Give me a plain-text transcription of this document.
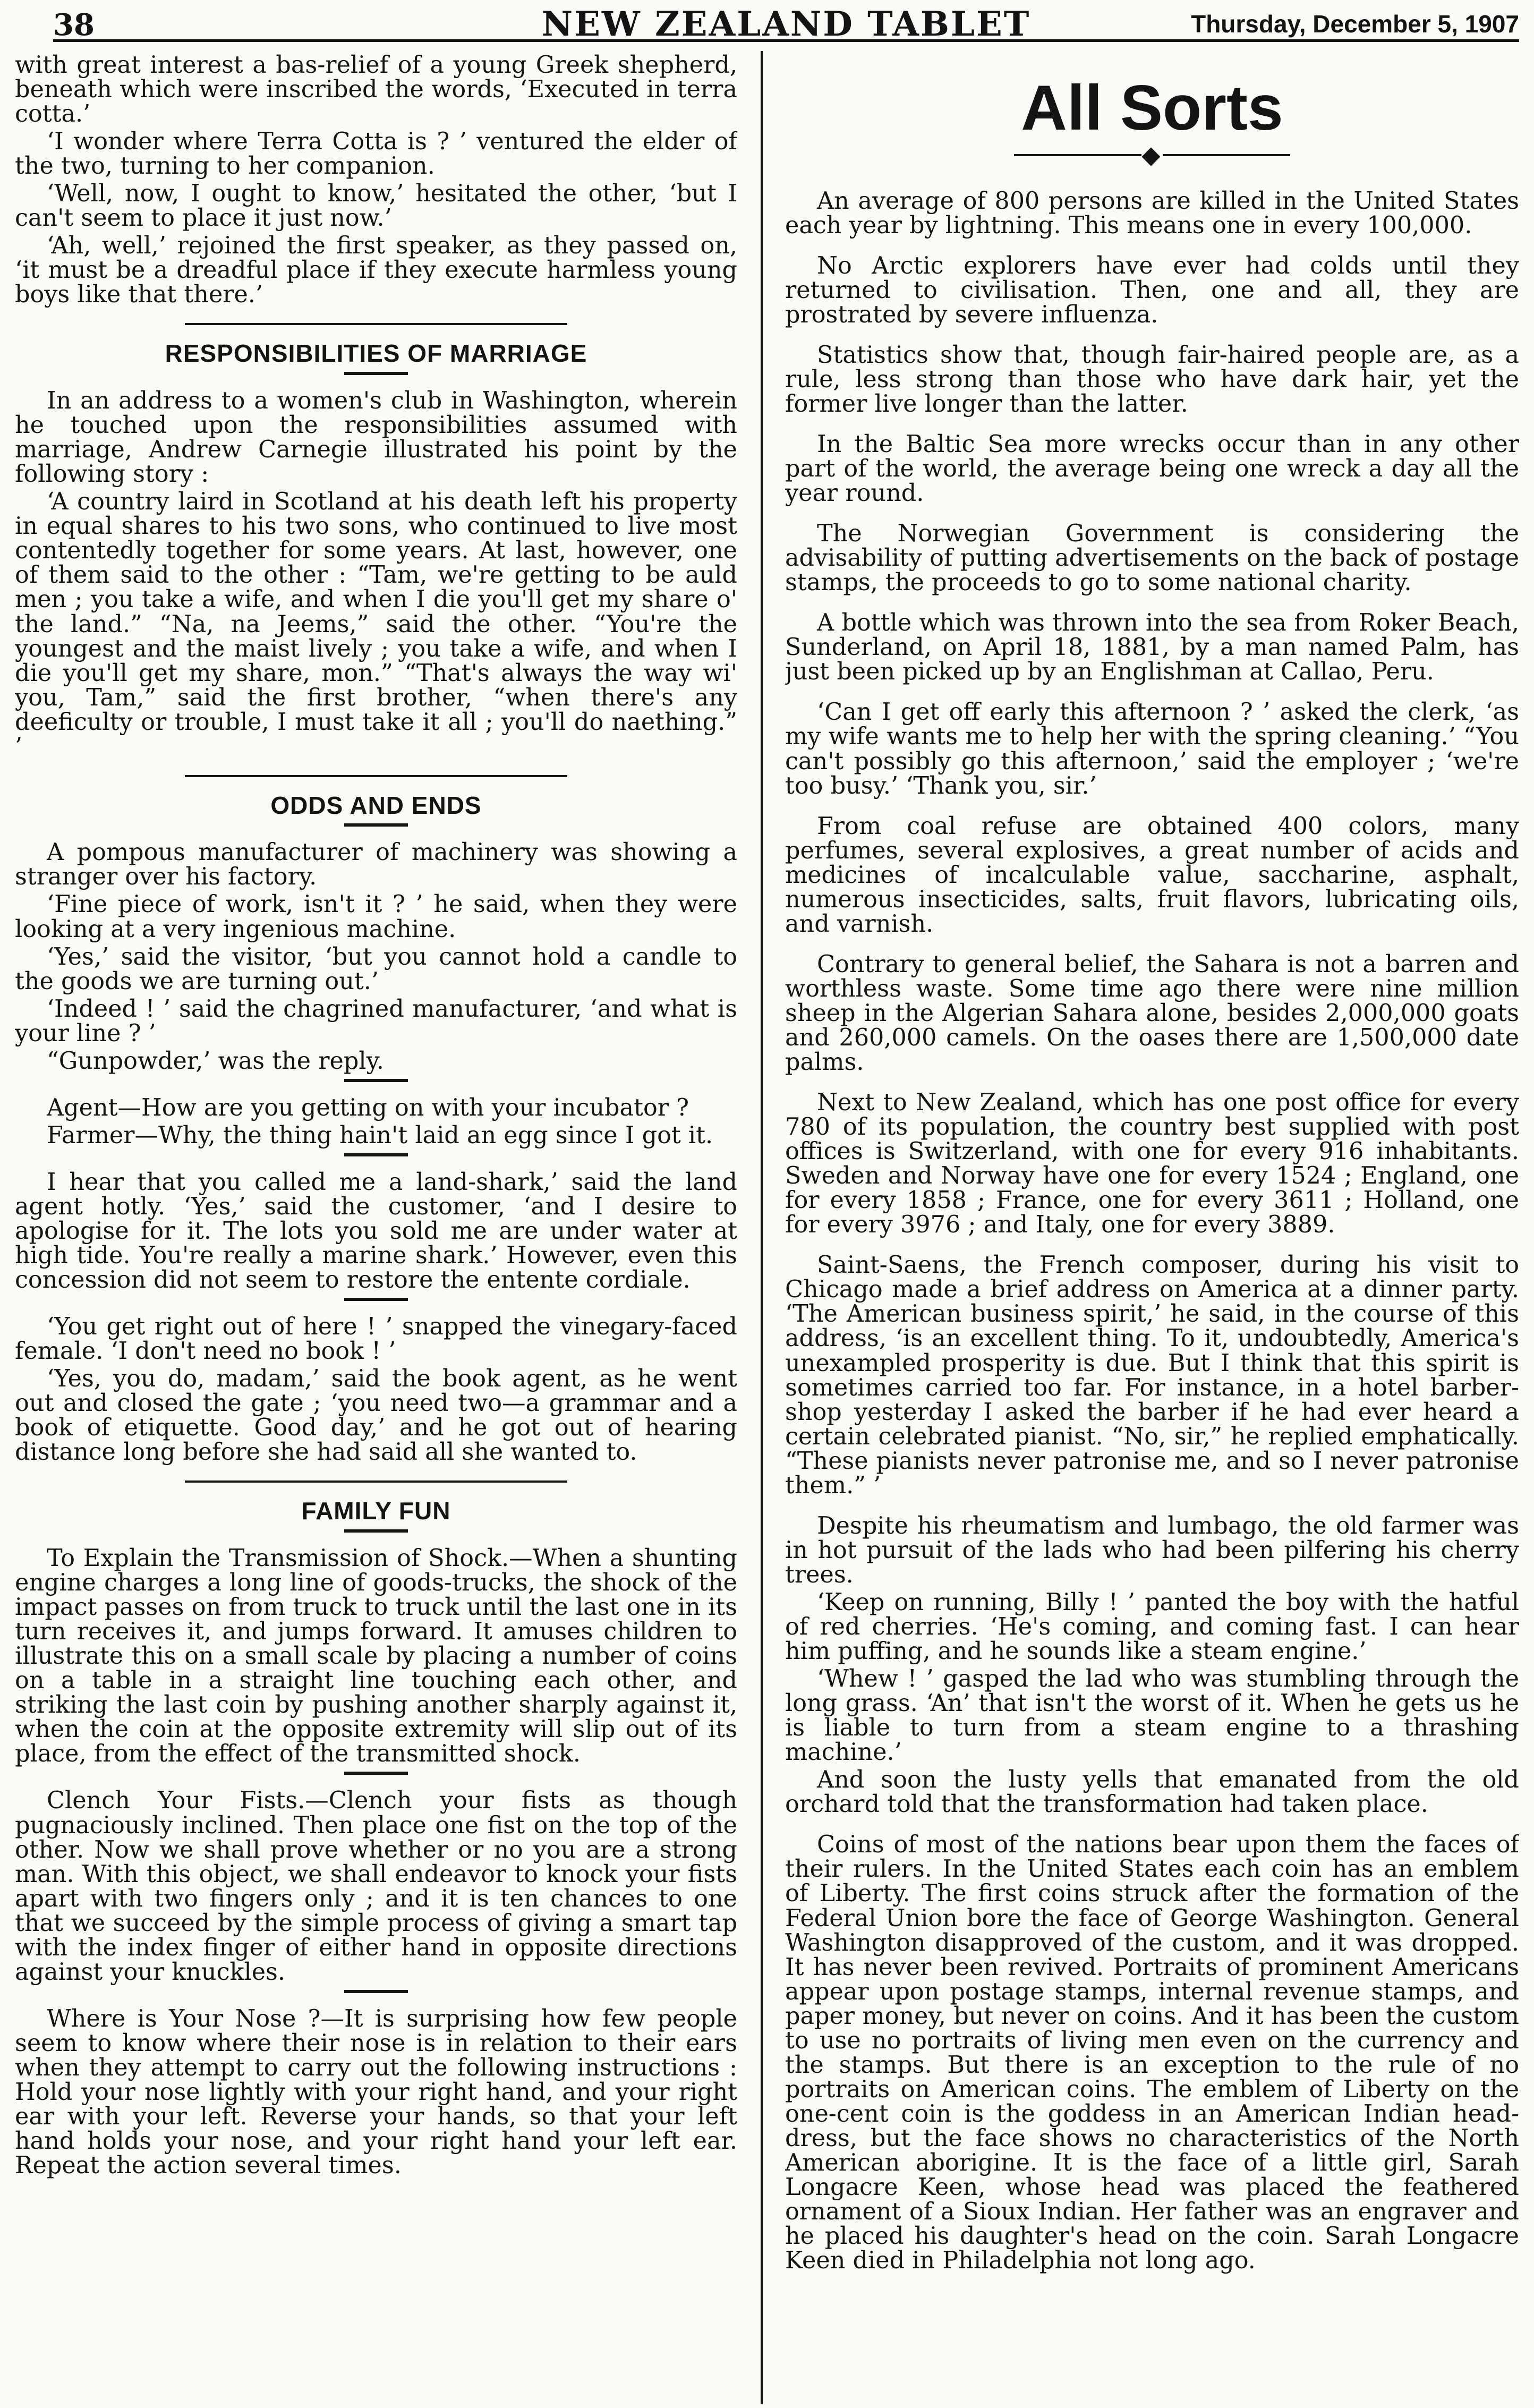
38	NEW ZEALAND TABLET	Thursday, December 5, 1907

with great interest a bas-relief of a young Greek shepherd, beneath which were inscribed the words, ‘Executed in terra cotta.’

‘I wonder where Terra Cotta is ? ’ ventured the elder of the two, turning to her companion.

‘Well, now, I ought to know,’ hesitated the other, ‘but I can't seem to place it just now.’

‘Ah, well,’ rejoined the first speaker, as they passed on, ‘it must be a dreadful place if they execute harmless young boys like that there.’

RESPONSIBILITIES OF MARRIAGE

In an address to a women's club in Washington, wherein he touched upon the responsibilities assumed with marriage, Andrew Carnegie illustrated his point by the following story :

‘A country laird in Scotland at his death left his property in equal shares to his two sons, who continued to live most contentedly together for some years. At last, however, one of them said to the other : “Tam, we're getting to be auld men ; you take a wife, and when I die you'll get my share o' the land.” “Na, na Jeems,” said the other. “You're the youngest and the maist lively ; you take a wife, and when I die you'll get my share, mon.” “That's always the way wi' you, Tam,” said the first brother, “when there's any deeficulty or trouble, I must take it all ; you'll do naething.” ’

ODDS AND ENDS

A pompous manufacturer of machinery was showing a stranger over his factory.

‘Fine piece of work, isn't it ? ’ he said, when they were looking at a very ingenious machine.

‘Yes,’ said the visitor, ‘but you cannot hold a candle to the goods we are turning out.’

‘Indeed ! ’ said the chagrined manufacturer, ‘and what is your line ? ’

“Gunpowder,’ was the reply.

Agent—How are you getting on with your incubator ?

Farmer—Why, the thing hain't laid an egg since I got it.

I hear that you called me a land-shark,’ said the land agent hotly. ‘Yes,’ said the customer, ‘and I desire to apologise for it. The lots you sold me are under water at high tide. You're really a marine shark.’ However, even this concession did not seem to restore the entente cordiale.

‘You get right out of here ! ’ snapped the vinegary-faced female. ‘I don't need no book ! ’

‘Yes, you do, madam,’ said the book agent, as he went out and closed the gate ; ‘you need two—a grammar and a book of etiquette. Good day,’ and he got out of hearing distance long before she had said all she wanted to.

FAMILY FUN

To Explain the Transmission of Shock.—When a shunting engine charges a long line of goods-trucks, the shock of the impact passes on from truck to truck until the last one in its turn receives it, and jumps forward. It amuses children to illustrate this on a small scale by placing a number of coins on a table in a straight line touching each other, and striking the last coin by pushing another sharply against it, when the coin at the opposite extremity will slip out of its place, from the effect of the transmitted shock.

Clench Your Fists.—Clench your fists as though pugnaciously inclined. Then place one fist on the top of the other. Now we shall prove whether or no you are a strong man. With this object, we shall endeavor to knock your fists apart with two fingers only ; and it is ten chances to one that we succeed by the simple process of giving a smart tap with the index finger of either hand in opposite directions against your knuckles.

Where is Your Nose ?—It is surprising how few people seem to know where their nose is in relation to their ears when they attempt to carry out the following instructions : Hold your nose lightly with your right hand, and your right ear with your left. Reverse your hands, so that your left hand holds your nose, and your right hand your left ear. Repeat the action several times.

All Sorts
◆

An average of 800 persons are killed in the United States each year by lightning. This means one in every 100,000.

No Arctic explorers have ever had colds until they returned to civilisation. Then, one and all, they are prostrated by severe influenza.

Statistics show that, though fair-haired people are, as a rule, less strong than those who have dark hair, yet the former live longer than the latter.

In the Baltic Sea more wrecks occur than in any other part of the world, the average being one wreck a day all the year round.

The Norwegian Government is considering the advisability of putting advertisements on the back of postage stamps, the proceeds to go to some national charity.

A bottle which was thrown into the sea from Roker Beach, Sunderland, on April 18, 1881, by a man named Palm, has just been picked up by an Englishman at Callao, Peru.

‘Can I get off early this afternoon ? ’ asked the clerk, ‘as my wife wants me to help her with the spring cleaning.’ “You can't possibly go this afternoon,’ said the employer ; ‘we're too busy.’ ‘Thank you, sir.’

From coal refuse are obtained 400 colors, many perfumes, several explosives, a great number of acids and medicines of incalculable value, saccharine, asphalt, numerous insecticides, salts, fruit flavors, lubricating oils, and varnish.

Contrary to general belief, the Sahara is not a barren and worthless waste. Some time ago there were nine million sheep in the Algerian Sahara alone, besides 2,000,000 goats and 260,000 camels. On the oases there are 1,500,000 date palms.

Next to New Zealand, which has one post office for every 780 of its population, the country best supplied with post offices is Switzerland, with one for every 916 inhabitants. Sweden and Norway have one for every 1524 ; England, one for every 1858 ; France, one for every 3611 ; Holland, one for every 3976 ; and Italy, one for every 3889.

Saint-Saens, the French composer, during his visit to Chicago made a brief address on America at a dinner party. ‘The American business spirit,’ he said, in the course of this address, ‘is an excellent thing. To it, undoubtedly, America's unexampled prosperity is due. But I think that this spirit is sometimes carried too far. For instance, in a hotel barber-shop yesterday I asked the barber if he had ever heard a certain celebrated pianist. “No, sir,” he replied emphatically. “These pianists never patronise me, and so I never patronise them.” ’

Despite his rheumatism and lumbago, the old farmer was in hot pursuit of the lads who had been pilfering his cherry trees.

‘Keep on running, Billy ! ’ panted the boy with the hatful of red cherries. ‘He's coming, and coming fast. I can hear him puffing, and he sounds like a steam engine.’

‘Whew ! ’ gasped the lad who was stumbling through the long grass. ‘An’ that isn't the worst of it. When he gets us he is liable to turn from a steam engine to a thrashing machine.’

And soon the lusty yells that emanated from the old orchard told that the transformation had taken place.

Coins of most of the nations bear upon them the faces of their rulers. In the United States each coin has an emblem of Liberty. The first coins struck after the formation of the Federal Union bore the face of George Washington. General Washington disapproved of the custom, and it was dropped. It has never been revived. Portraits of prominent Americans appear upon postage stamps, internal revenue stamps, and paper money, but never on coins. And it has been the custom to use no portraits of living men even on the currency and the stamps. But there is an exception to the rule of no portraits on American coins. The emblem of Liberty on the one-cent coin is the goddess in an American Indian head-dress, but the face shows no characteristics of the North American aborigine. It is the face of a little girl, Sarah Longacre Keen, whose head was placed the feathered ornament of a Sioux Indian. Her father was an engraver and he placed his daughter's head on the coin. Sarah Longacre Keen died in Philadelphia not long ago.
